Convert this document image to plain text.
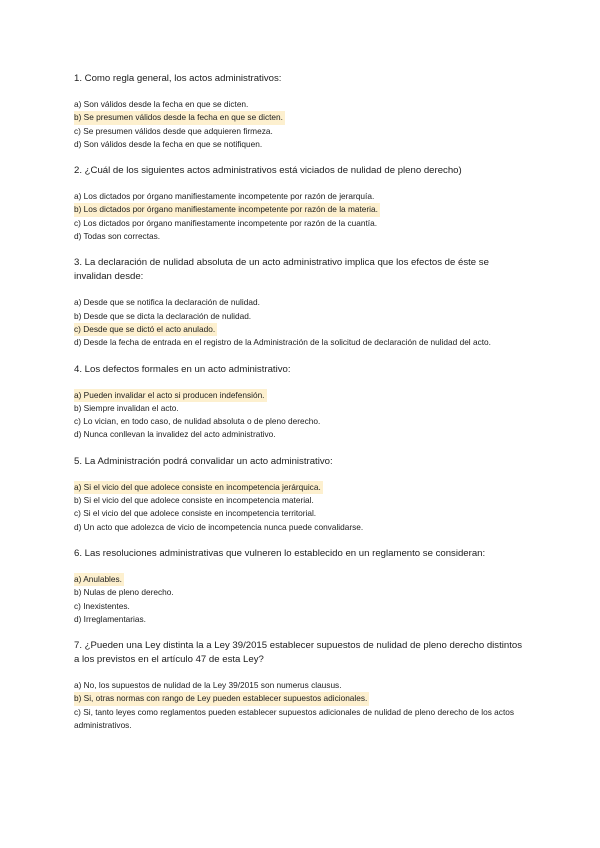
1. Como regla general, los actos administrativos:

a) Son válidos desde la fecha en que se dicten.
b) Se presumen válidos desde la fecha en que se dicten.
c) Se presumen válidos desde que adquieren firmeza.
d) Son válidos desde la fecha en que se notifiquen.

2. ¿Cuál de los siguientes actos administrativos está viciados de nulidad de pleno derecho)

a) Los dictados por órgano manifiestamente incompetente por razón de jerarquía.
b) Los dictados por órgano manifiestamente incompetente por razón de la materia.
c) Los dictados por órgano manifiestamente incompetente por razón de la cuantía.
d) Todas son correctas.

3. La declaración de nulidad absoluta de un acto administrativo implica que los efectos de éste se invalidan desde:

a) Desde que se notifica la declaración de nulidad.
b) Desde que se dicta la declaración de nulidad.
c) Desde que se dictó el acto anulado.
d) Desde la fecha de entrada en el registro de la Administración de la solicitud de declaración de nulidad del acto.

4. Los defectos formales en un acto administrativo:

a) Pueden invalidar el acto si producen indefensión.
b) Siempre invalidan el acto.
c) Lo vician, en todo caso, de nulidad absoluta o de pleno derecho.
d) Nunca conllevan la invalidez del acto administrativo.

5. La Administración podrá convalidar un acto administrativo:

a) Si el vicio del que adolece consiste en incompetencia jerárquica.
b) Si el vicio del que adolece consiste en incompetencia material.
c) Si el vicio del que adolece consiste en incompetencia territorial.
d) Un acto que adolezca de vicio de incompetencia nunca puede convalidarse.

6. Las resoluciones administrativas que vulneren lo establecido en un reglamento se consideran:

a) Anulables.
b) Nulas de pleno derecho.
c) Inexistentes.
d) Irreglamentarias.

7. ¿Pueden una Ley distinta la a Ley 39/2015 establecer supuestos de nulidad de pleno derecho distintos a los previstos en el artículo 47 de esta Ley?

a) No, los supuestos de nulidad de la Ley 39/2015 son numerus clausus.
b) Si, otras normas con rango de Ley pueden establecer supuestos adicionales.
c) Si, tanto leyes como reglamentos pueden establecer supuestos adicionales de nulidad de pleno derecho de los actos administrativos.
